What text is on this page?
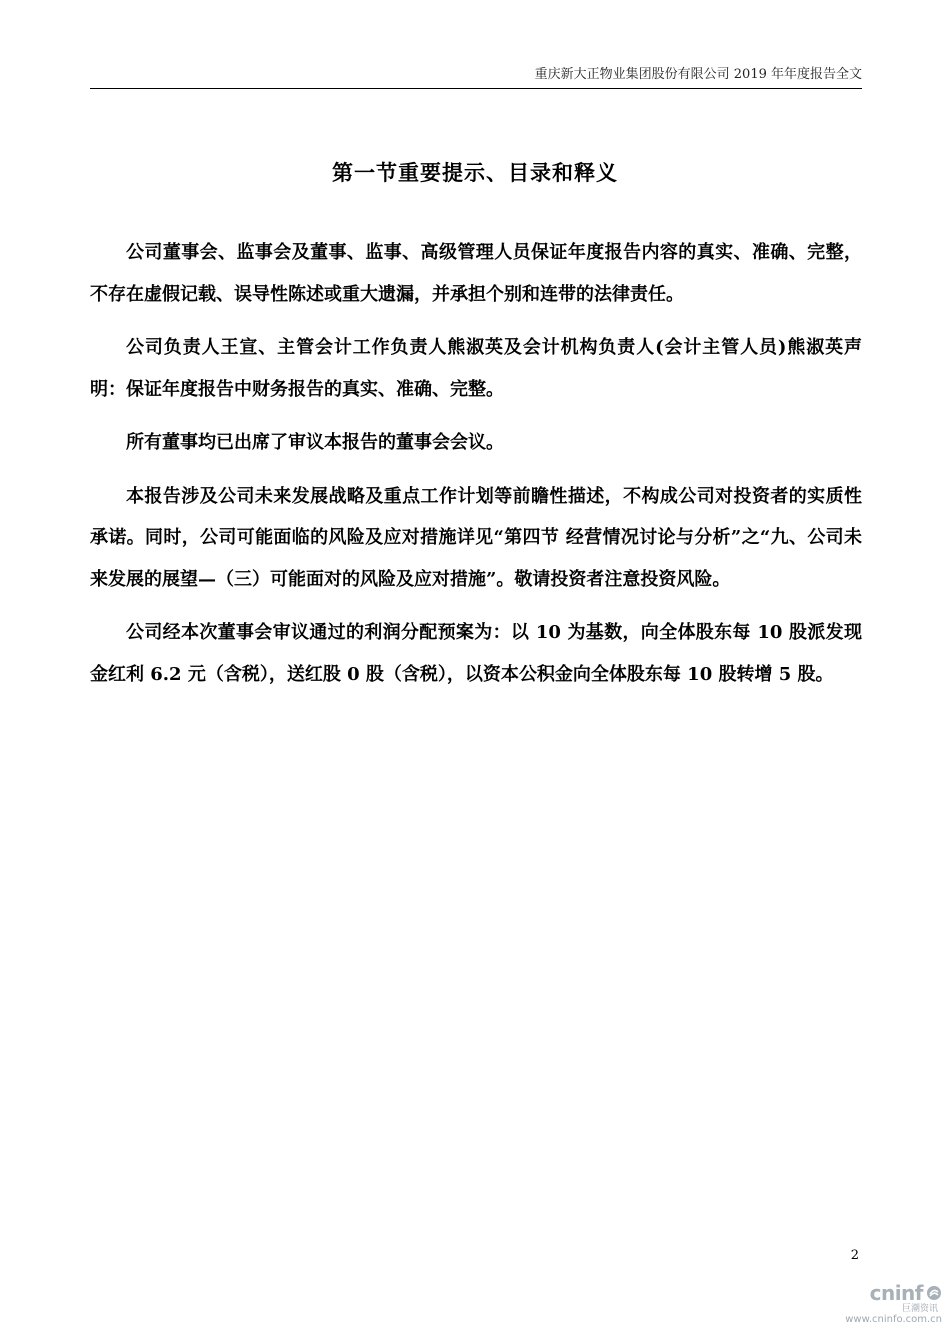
重庆新大正物业集团股份有限公司 2019 年年度报告全文
第一节重要提示、目录和释义

公司董事会、监事会及董事、监事、高级管理人员保证年度报告内容的真实、准确、完整，不存在虚假记载、误导性陈述或重大遗漏，并承担个别和连带的法律责任。

公司负责人王宣、主管会计工作负责人熊淑英及会计机构负责人(会计主管人员)熊淑英声明：保证年度报告中财务报告的真实、准确、完整。

所有董事均已出席了审议本报告的董事会会议。

本报告涉及公司未来发展战略及重点工作计划等前瞻性描述，不构成公司对投资者的实质性承诺。同时，公司可能面临的风险及应对措施详见“第四节 经营情况讨论与分析”之“九、公司未来发展的展望—（三）可能面对的风险及应对措施”。敬请投资者注意投资风险。

公司经本次董事会审议通过的利润分配预案为：以 10 为基数，向全体股东每 10 股派发现金红利 6.2 元（含税），送红股 0 股（含税），以资本公积金向全体股东每 10 股转增 5 股。

2
cninf
巨潮资讯
www.cninfo.com.cn
